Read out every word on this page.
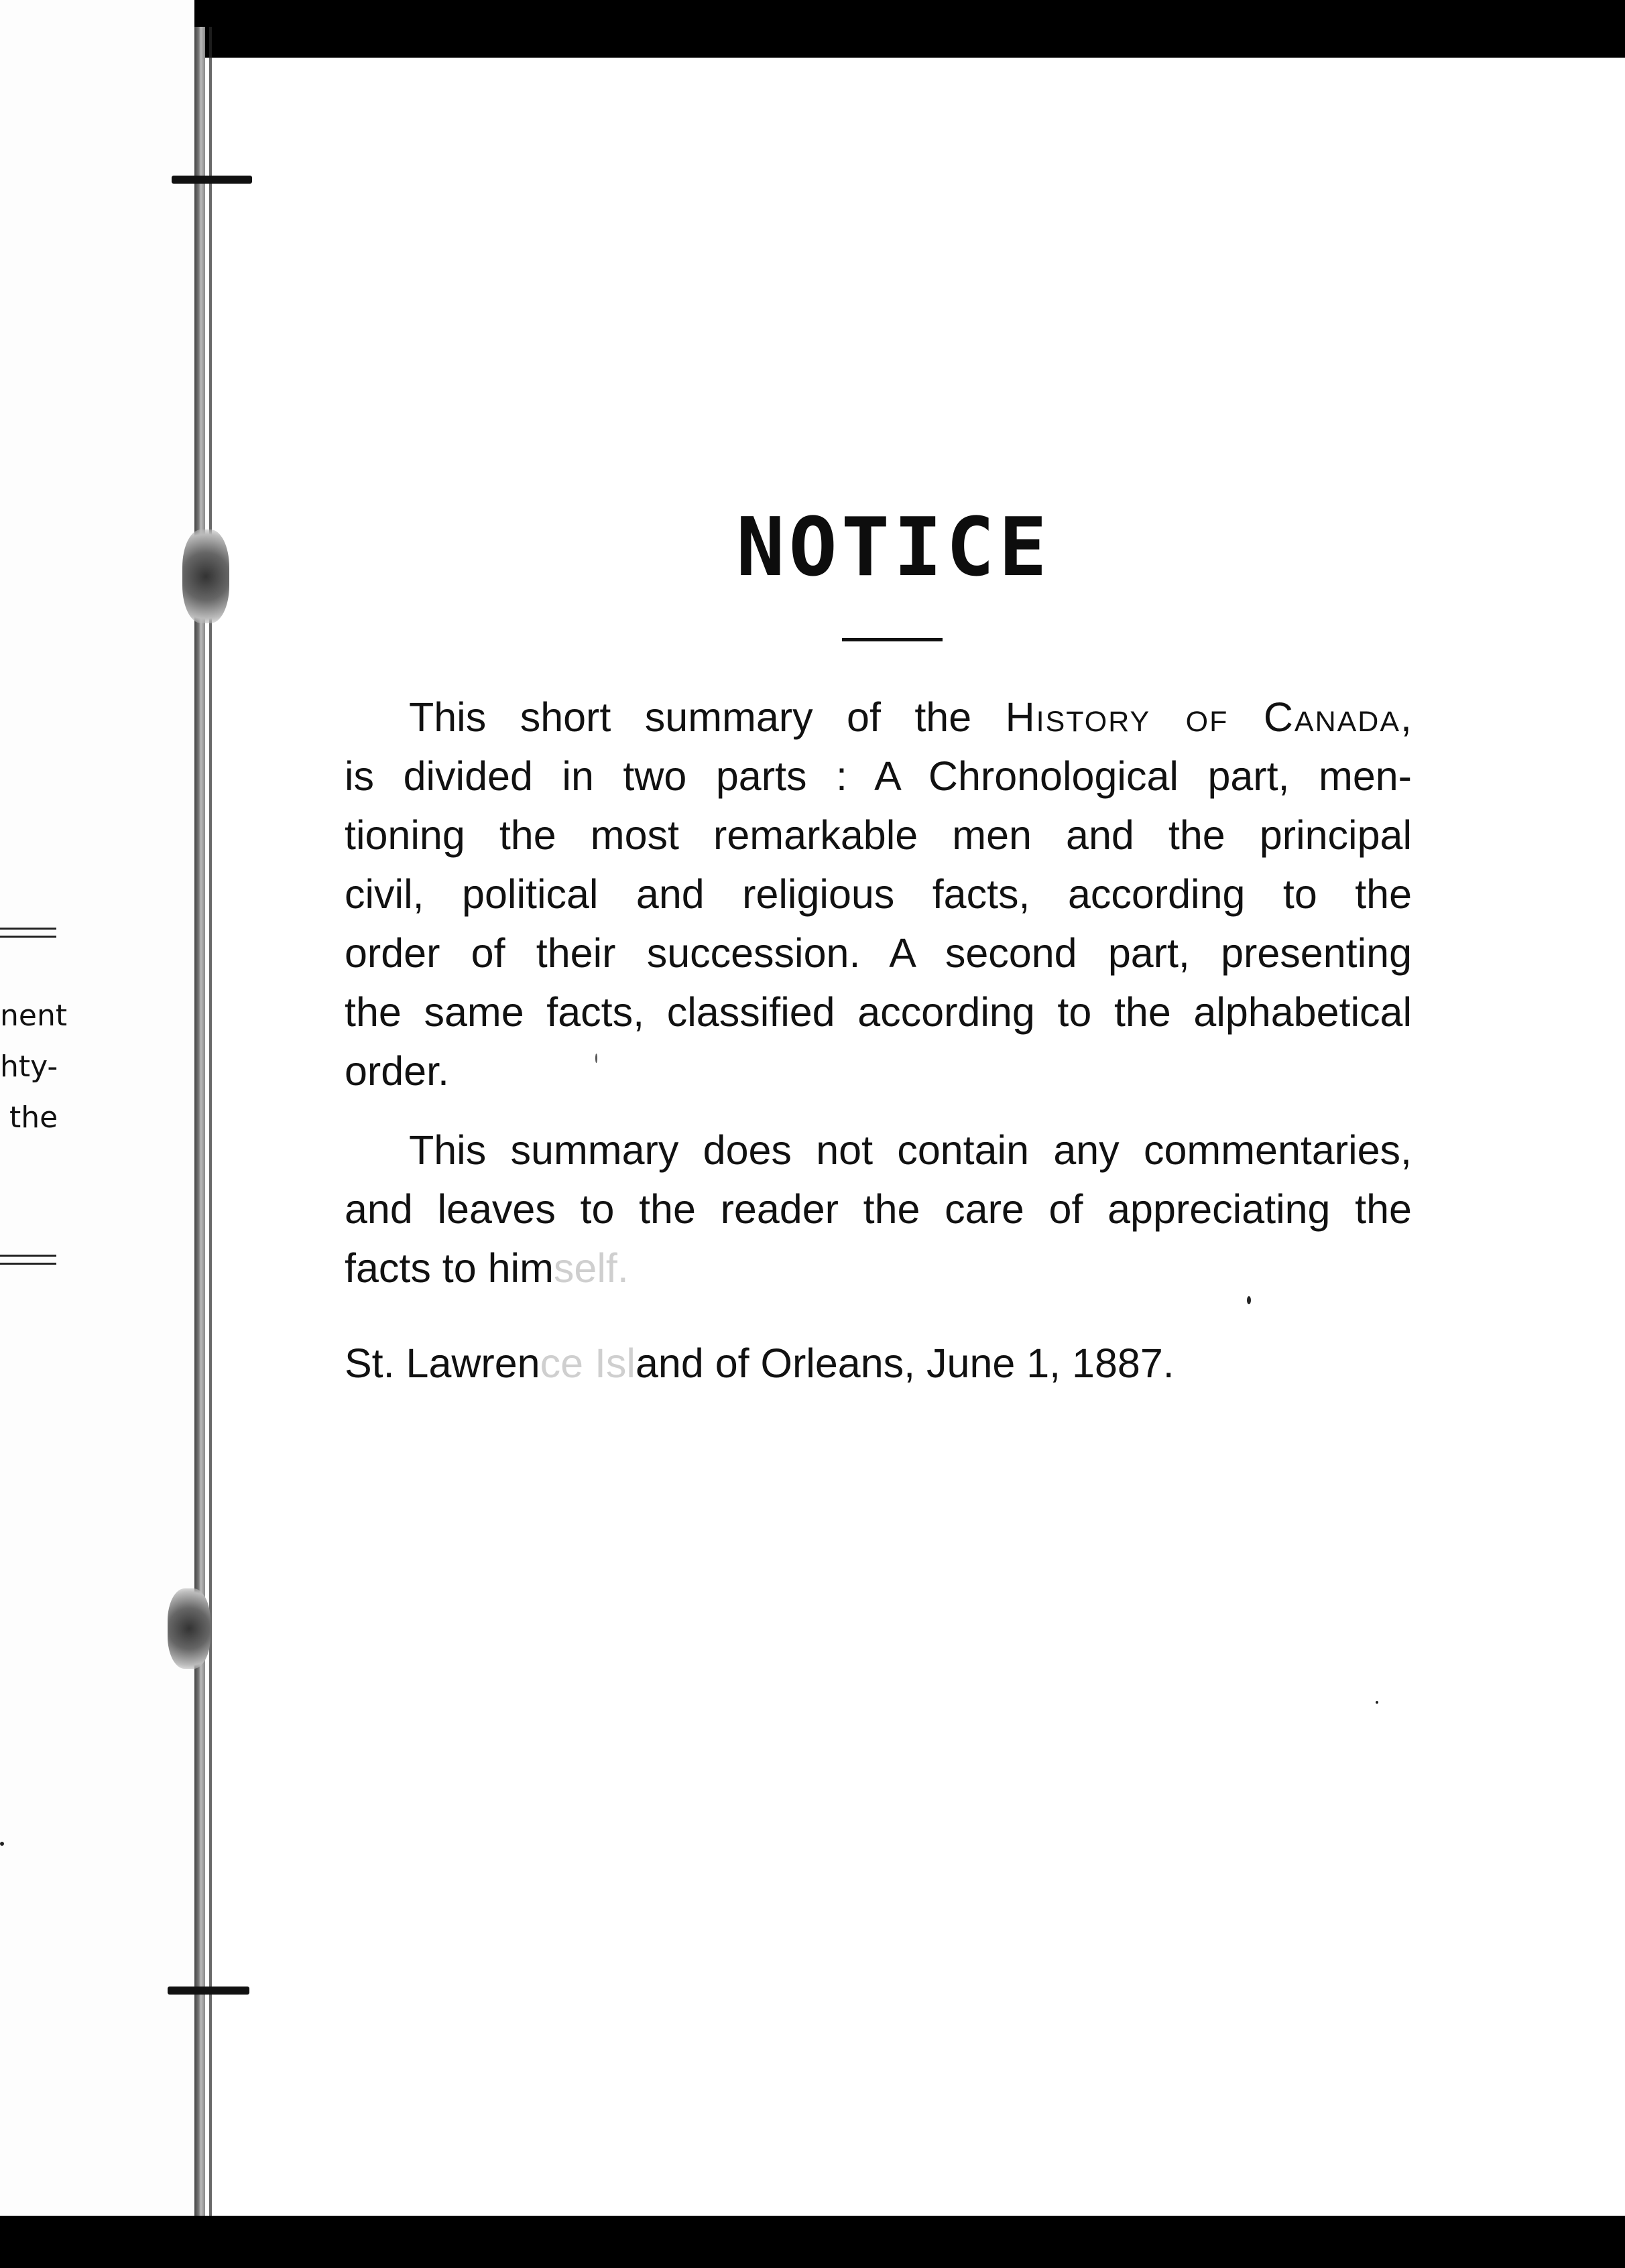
nent
hty-
the
NOTICE
This short summary of the History of Canada,
is divided in two parts : A Chronological part, men-
tioning the most remarkable men and the principal
civil, political and religious facts, according to the
order of their succession. A second part, presenting
the same facts, classified according to the alphabetical
order.
This summary does not contain any commentaries,
and leaves to the reader the care of appreciating the
facts to himself.
St. Lawrence Island of Orleans, June 1, 1887.
